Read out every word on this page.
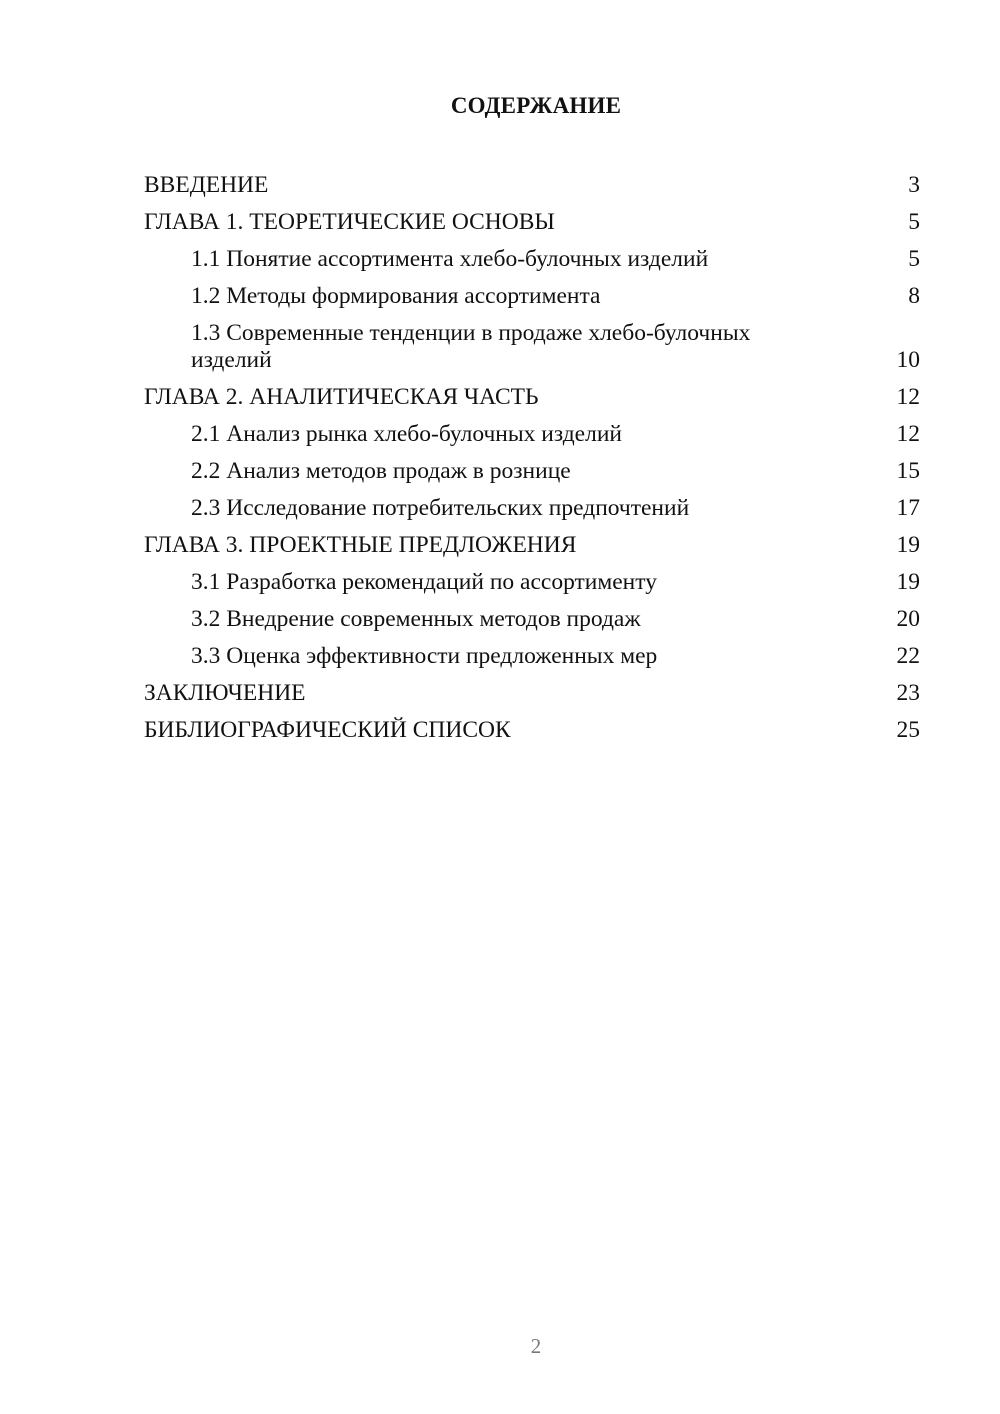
СОДЕРЖАНИЕ
ВВЕДЕНИЕ	3
ГЛАВА 1. ТЕОРЕТИЧЕСКИЕ ОСНОВЫ	5
1.1 Понятие ассортимента хлебо-булочных изделий	5
1.2 Методы формирования ассортимента	8
1.3 Современные тенденции в продаже хлебо-булочных изделий	10
ГЛАВА 2. АНАЛИТИЧЕСКАЯ ЧАСТЬ	12
2.1 Анализ рынка хлебо-булочных изделий	12
2.2 Анализ методов продаж в рознице	15
2.3 Исследование потребительских предпочтений	17
ГЛАВА 3. ПРОЕКТНЫЕ ПРЕДЛОЖЕНИЯ	19
3.1 Разработка рекомендаций по ассортименту	19
3.2 Внедрение современных методов продаж	20
3.3 Оценка эффективности предложенных мер	22
ЗАКЛЮЧЕНИЕ	23
БИБЛИОГРАФИЧЕСКИЙ СПИСОК	25
2
